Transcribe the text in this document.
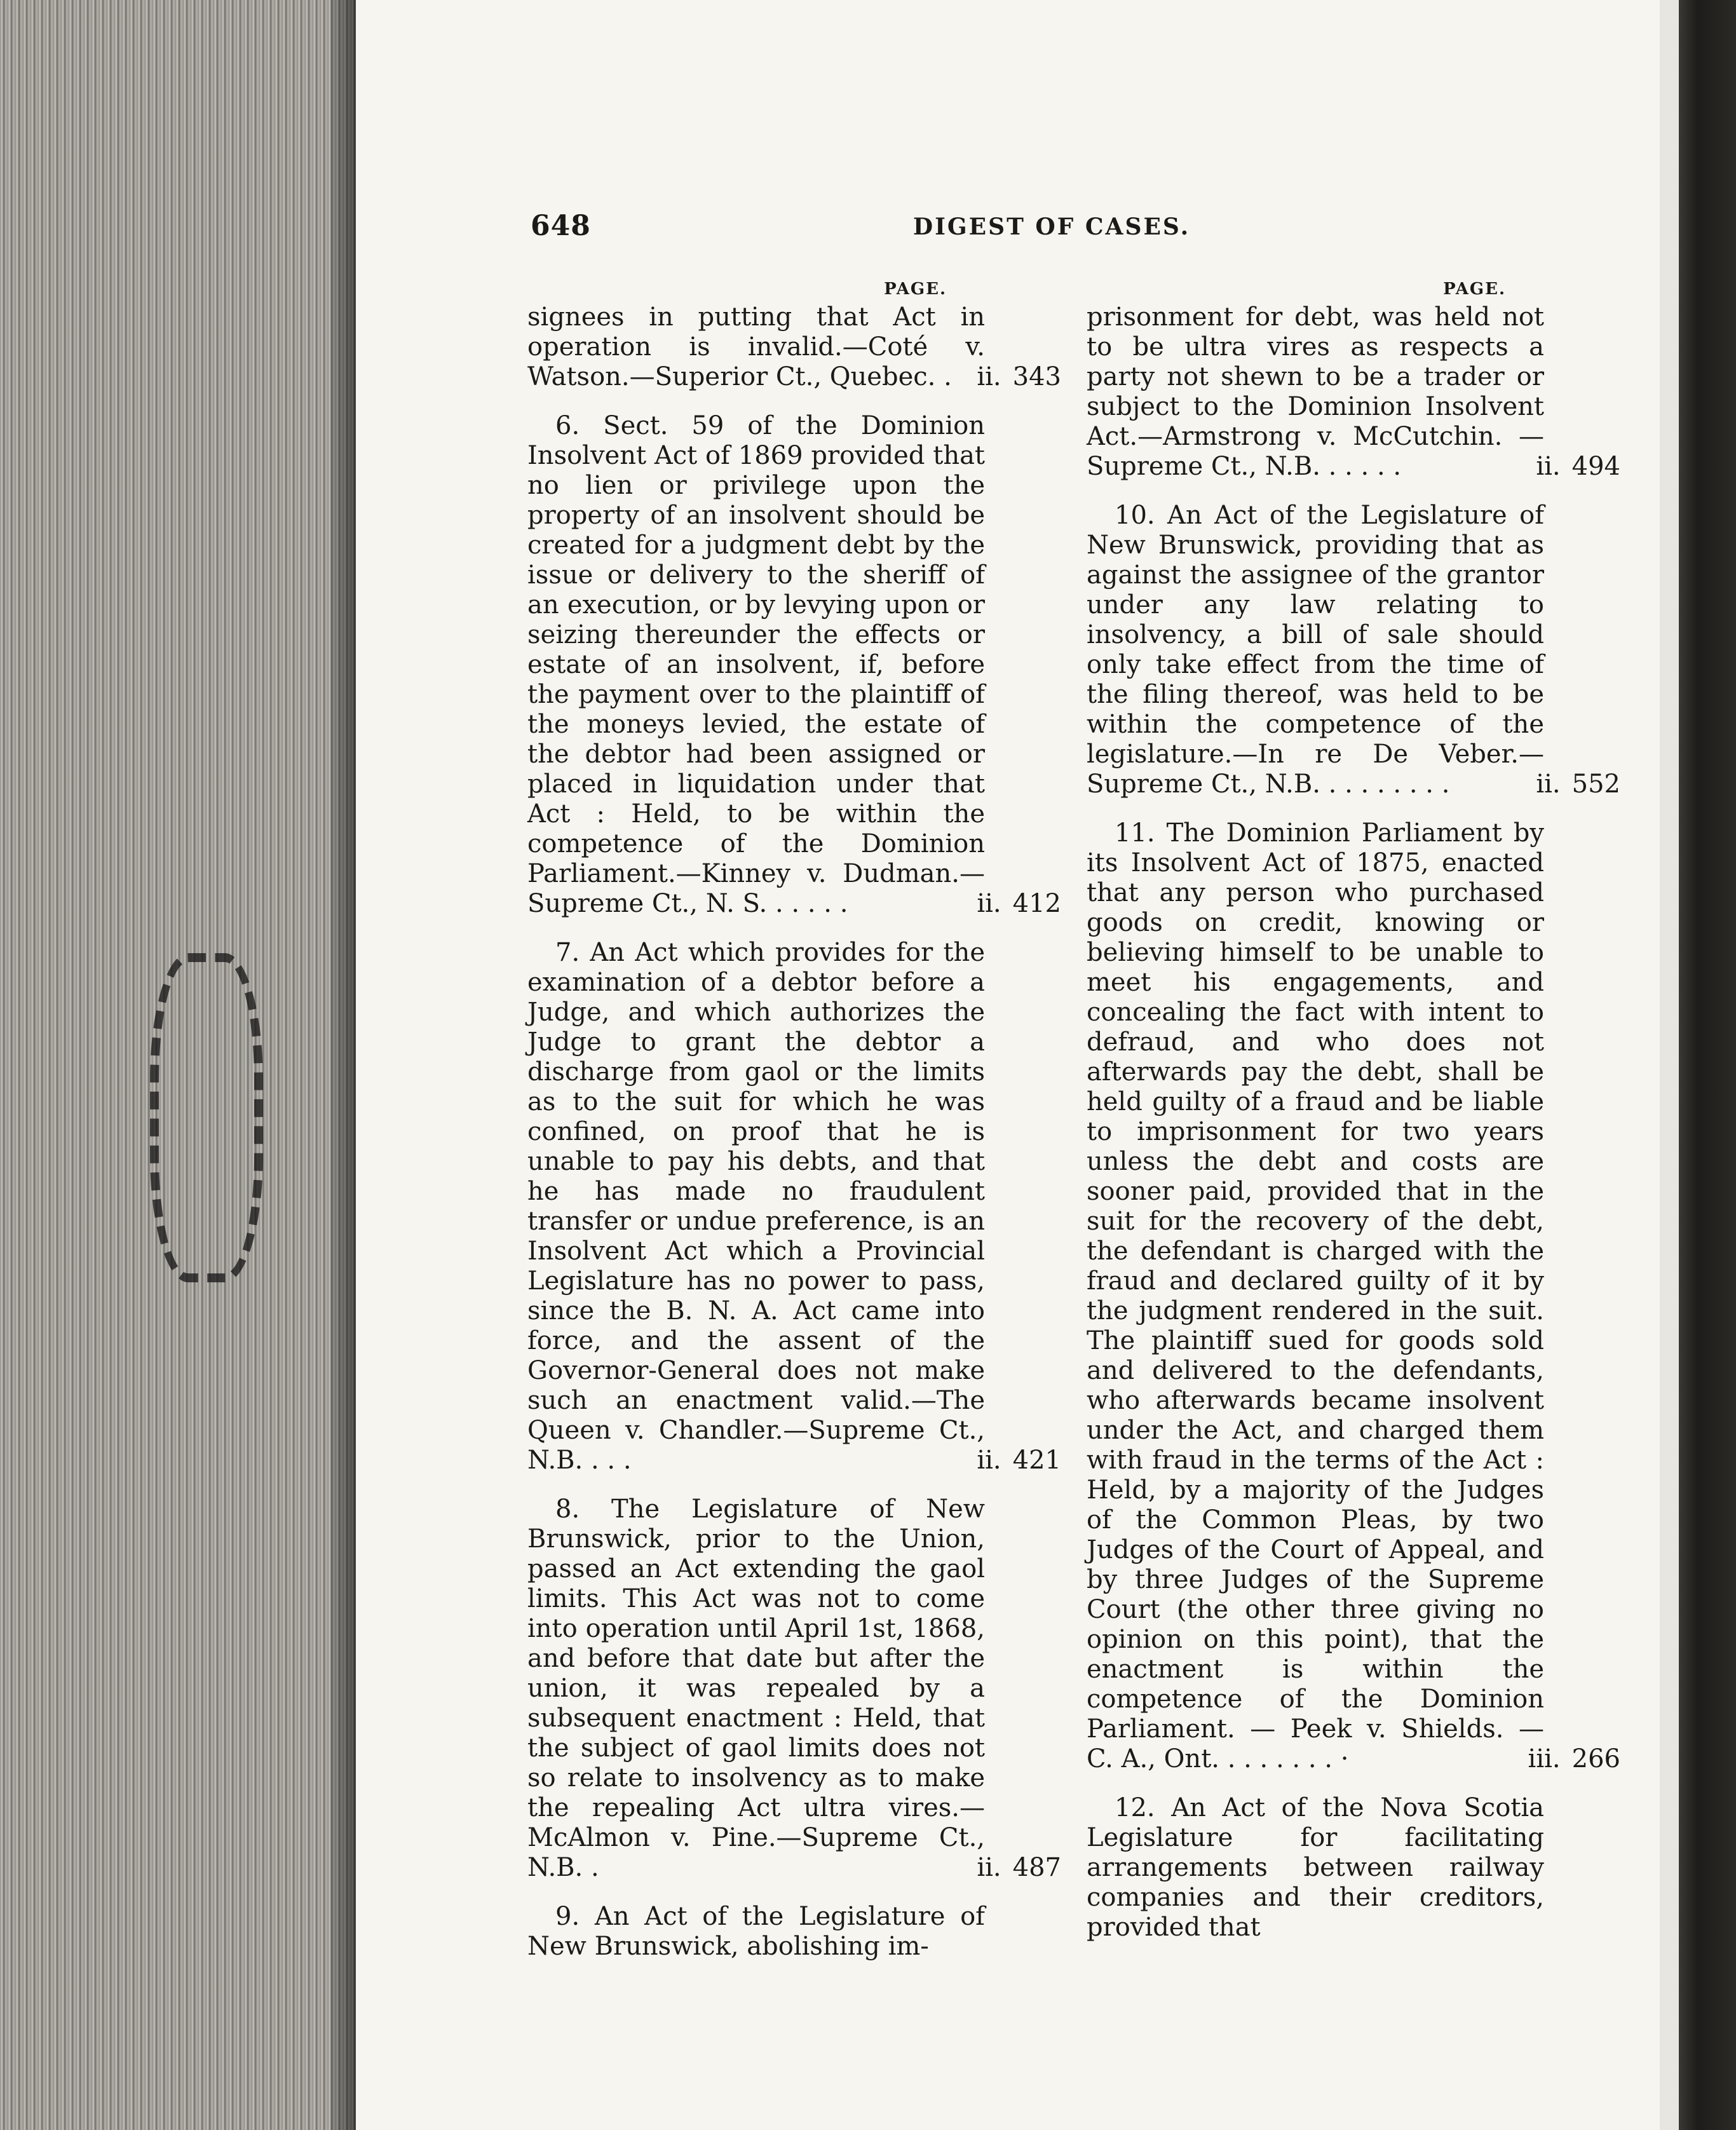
648	DIGEST OF CASES.
PAGE.
signees in putting that Act in operation is invalid.—Coté v. Watson.—Superior Ct., Quebec. . ii. 343
6. Sect. 59 of the Dominion Insolvent Act of 1869 provided that no lien or privilege upon the property of an insolvent should be created for a judgment debt by the issue or delivery to the sheriff of an execution, or by levying upon or seizing thereunder the effects or estate of an insolvent, if, before the payment over to the plaintiff of the moneys levied, the estate of the debtor had been assigned or placed in liquidation under that Act : Held, to be within the competence of the Dominion Parliament.—Kinney v. Dudman.—Supreme Ct., N. S. . . . . .	ii. 412
7. An Act which provides for the examination of a debtor before a Judge, and which authorizes the Judge to grant the debtor a discharge from gaol or the limits as to the suit for which he was confined, on proof that he is unable to pay his debts, and that he has made no fraudulent transfer or undue preference, is an Insolvent Act which a Provincial Legislature has no power to pass, since the B. N. A. Act came into force, and the assent of the Governor-General does not make such an enactment valid.—The Queen v. Chandler.—Supreme Ct., N.B. . . .	ii. 421
8. The Legislature of New Brunswick, prior to the Union, passed an Act extending the gaol limits. This Act was not to come into operation until April 1st, 1868, and before that date but after the union, it was repealed by a subsequent enactment : Held, that the subject of gaol limits does not so relate to insolvency as to make the repealing Act ultra vires.—McAlmon v. Pine.—Supreme Ct., N.B. .	ii. 487
9. An Act of the Legislature of New Brunswick, abolishing im-
PAGE.
prisonment for debt, was held not to be ultra vires as respects a party not shewn to be a trader or subject to the Dominion Insolvent Act.—Armstrong v. McCutchin. — Supreme Ct., N.B. . . . . .	ii. 494
10. An Act of the Legislature of New Brunswick, providing that as against the assignee of the grantor under any law relating to insolvency, a bill of sale should only take effect from the time of the filing thereof, was held to be within the competence of the legislature.—In re De Veber.—Supreme Ct., N.B. . . . . . . . .	ii. 552
11. The Dominion Parliament by its Insolvent Act of 1875, enacted that any person who purchased goods on credit, knowing or believing himself to be unable to meet his engagements, and concealing the fact with intent to defraud, and who does not afterwards pay the debt, shall be held guilty of a fraud and be liable to imprisonment for two years unless the debt and costs are sooner paid, provided that in the suit for the recovery of the debt, the defendant is charged with the fraud and declared guilty of it by the judgment rendered in the suit. The plaintiff sued for goods sold and delivered to the defendants, who afterwards became insolvent under the Act, and charged them with fraud in the terms of the Act : Held, by a majority of the Judges of the Common Pleas, by two Judges of the Court of Appeal, and by three Judges of the Supreme Court (the other three giving no opinion on this point), that the enactment is within the competence of the Dominion Parliament. — Peek v. Shields. — C. A., Ont. . . . . . . . ·	iii. 266
12. An Act of the Nova Scotia Legislature for facilitating arrangements between railway companies and their creditors, provided that
